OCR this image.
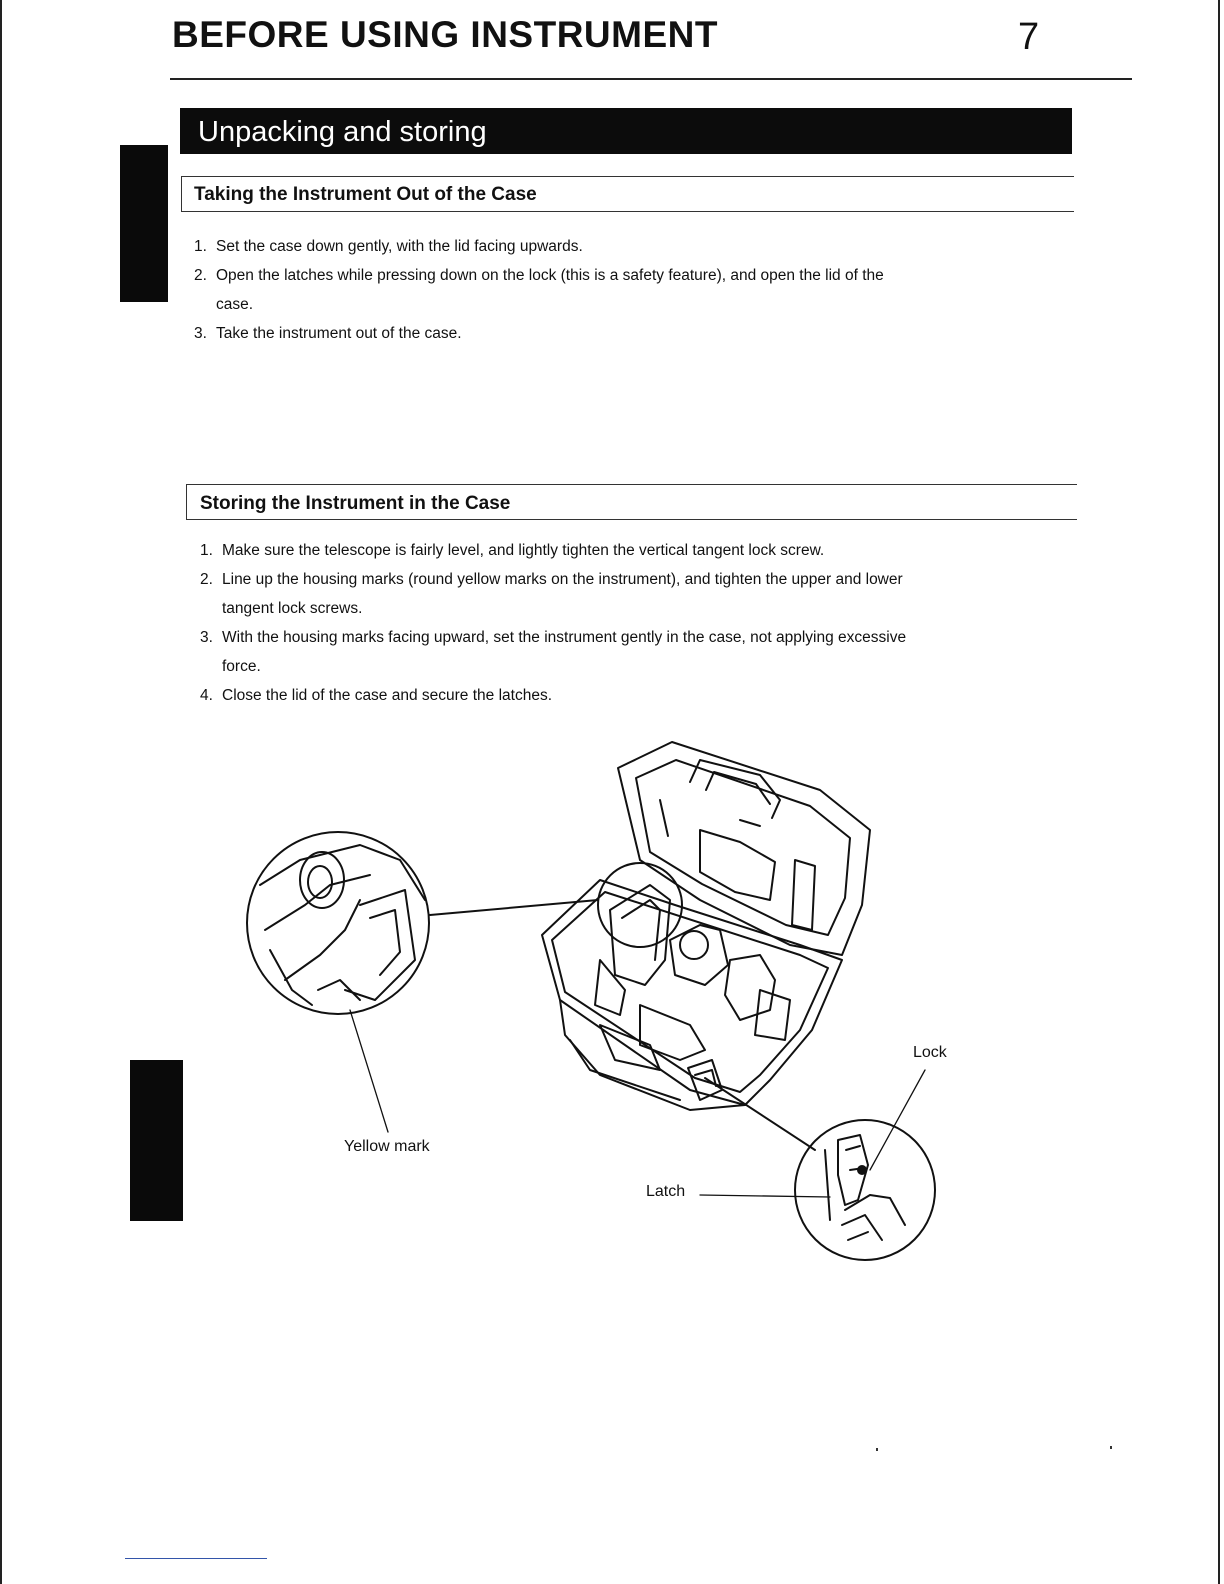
BEFORE USING INSTRUMENT	7
Unpacking and storing
Taking the Instrument Out of the Case
1. Set the case down gently, with the lid facing upwards.
2. Open the latches while pressing down on the lock (this is a safety feature), and open the lid of the
case.
3. Take the instrument out of the case.
Storing the Instrument in the Case
1. Make sure the telescope is fairly level, and lightly tighten the vertical tangent lock screw.
2. Line up the housing marks (round yellow marks on the instrument), and tighten the upper and lower
tangent lock screws.
3. With the housing marks facing upward, set the instrument gently in the case, not applying excessive
force.
4. Close the lid of the case and secure the latches.
Yellow mark
Lock
Latch
